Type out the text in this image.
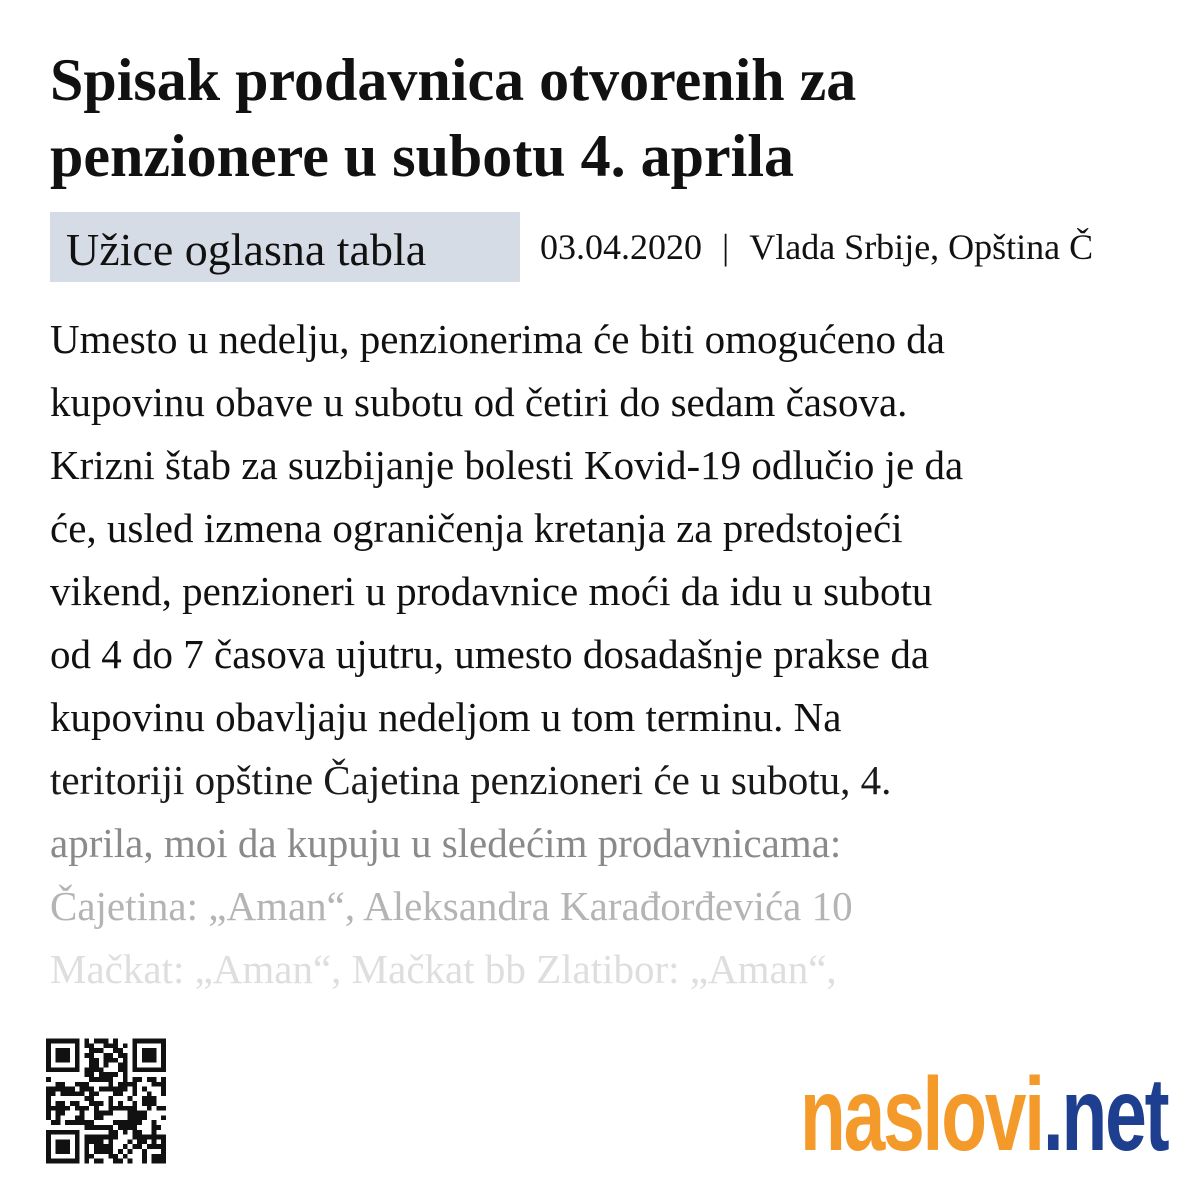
Spisak prodavnica otvorenih za
penzionere u subotu 4. aprila
Užice oglasna tabla	03.04.2020 | Vlada Srbije, Opština Č
Umesto u nedelju, penzionerima će biti omogućeno da
kupovinu obave u subotu od četiri do sedam časova.
Krizni štab za suzbijanje bolesti Kovid-19 odlučio je da
će, usled izmena ograničenja kretanja za predstojeći
vikend, penzioneri u prodavnice moći da idu u subotu
od 4 do 7 časova ujutru, umesto dosadašnje prakse da
kupovinu obavljaju nedeljom u tom terminu. Na
teritoriji opštine Čajetina penzioneri će u subotu, 4.
aprila, moi da kupuju u sledećim prodavnicama:
Čajetina: „Aman“, Aleksandra Karađorđevića 10
Mačkat: „Aman“, Mačkat bb Zlatibor: „Aman“,
naslovi.net
